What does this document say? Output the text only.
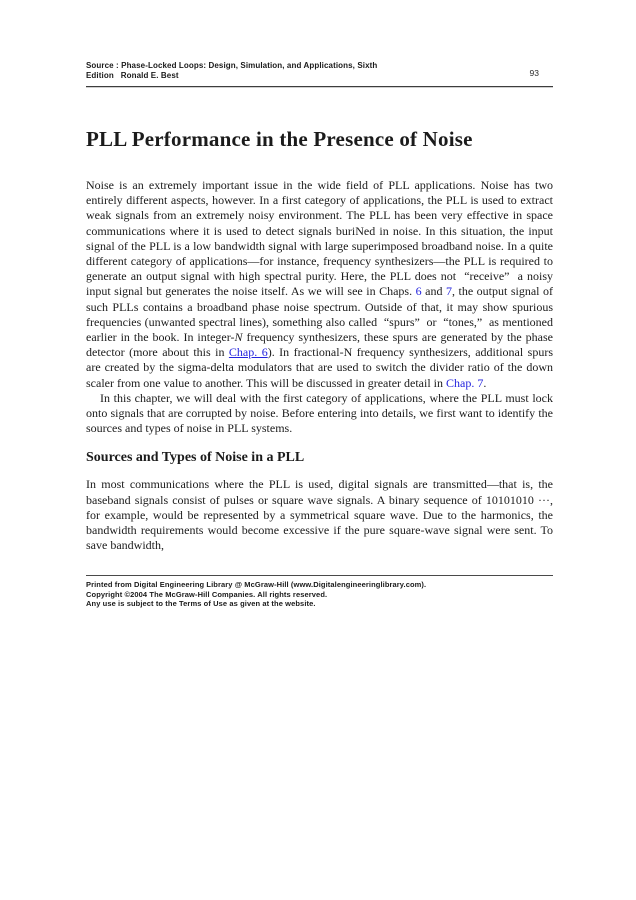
Source : Phase-Locked Loops: Design, Simulation, and Applications, Sixth
Edition   Ronald E. Best	93
PLL Performance in the Presence of Noise

Noise is an extremely important issue in the wide field of PLL applications. Noise has two entirely different aspects, however. In a first category of applications, the PLL is used to extract weak signals from an extremely noisy environment. The PLL has been very effective in space communications where it is used to detect signals buriNed in noise. In this situation, the input signal of the PLL is a low bandwidth signal with large superimposed broadband noise. In a quite different category of applications—for instance, frequency synthesizers—the PLL is required to generate an output signal with high spectral purity. Here, the PLL does not  “receive”  a noisy input signal but generates the noise itself. As we will see in Chaps. 6 and 7, the output signal of such PLLs contains a broadband phase noise spectrum. Outside of that, it may show spurious frequencies (unwanted spectral lines), something also called  “spurs”  or  “tones,”  as mentioned earlier in the book. In integer-N frequency synthesizers, these spurs are generated by the phase detector (more about this in Chap. 6). In fractional-N frequency synthesizers, additional spurs are created by the sigma-delta modulators that are used to switch the divider ratio of the down scaler from one value to another. This will be discussed in greater detail in Chap. 7.

In this chapter, we will deal with the first category of applications, where the PLL must lock onto signals that are corrupted by noise. Before entering into details, we first want to identify the sources and types of noise in PLL systems.

Sources and Types of Noise in a PLL

In most communications where the PLL is used, digital signals are transmitted—that is, the baseband signals consist of pulses or square wave signals. A binary sequence of 10101010 ···, for example, would be represented by a symmetrical square wave. Due to the harmonics, the bandwidth requirements would become excessive if the pure square-wave signal were sent. To save bandwidth,

Printed from Digital Engineering Library @ McGraw-Hill (www.Digitalengineeringlibrary.com).
Copyright ©2004 The McGraw-Hill Companies. All rights reserved.
Any use is subject to the Terms of Use as given at the website.
